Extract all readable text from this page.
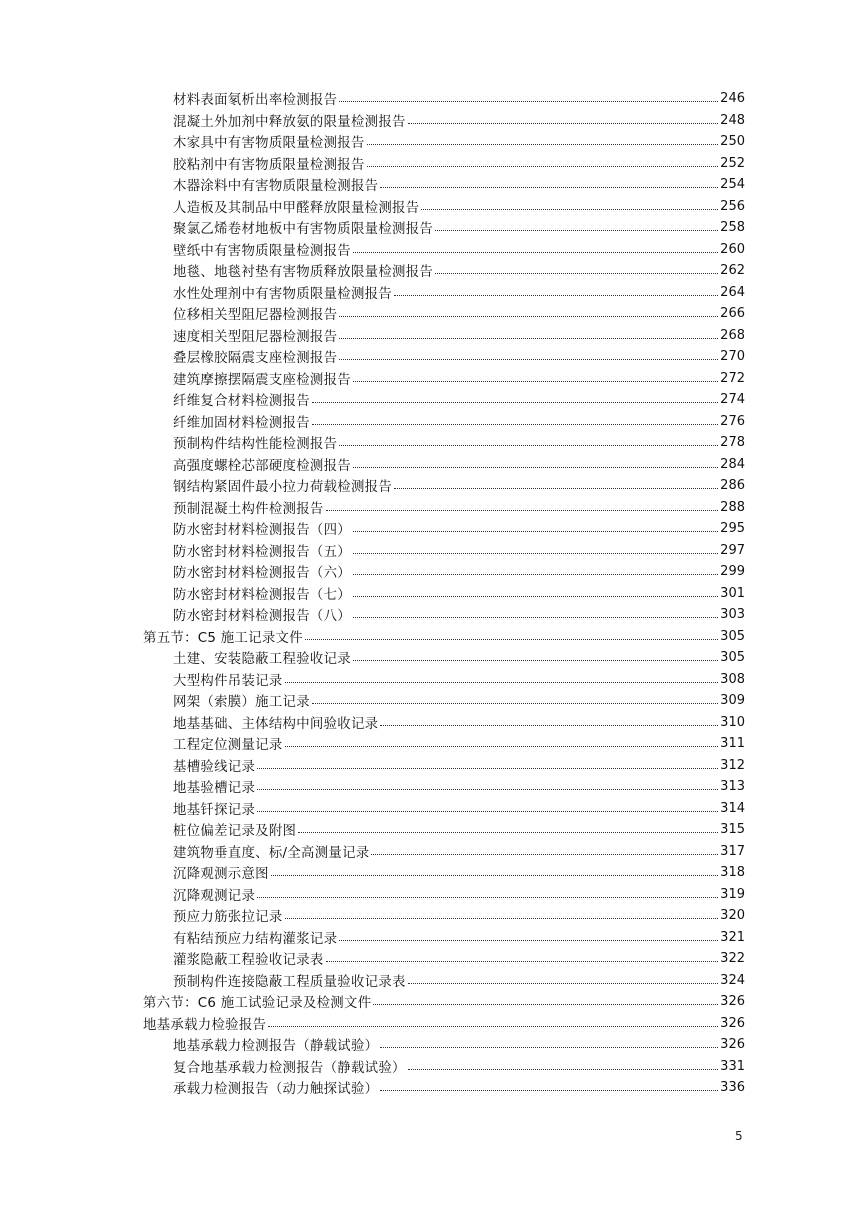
材料表面氡析出率检测报告	246
混凝土外加剂中释放氨的限量检测报告	248
木家具中有害物质限量检测报告	250
胶粘剂中有害物质限量检测报告	252
木器涂料中有害物质限量检测报告	254
人造板及其制品中甲醛释放限量检测报告	256
聚氯乙烯卷材地板中有害物质限量检测报告	258
壁纸中有害物质限量检测报告	260
地毯、地毯衬垫有害物质释放限量检测报告	262
水性处理剂中有害物质限量检测报告	264
位移相关型阻尼器检测报告	266
速度相关型阻尼器检测报告	268
叠层橡胶隔震支座检测报告	270
建筑摩擦摆隔震支座检测报告	272
纤维复合材料检测报告	274
纤维加固材料检测报告	276
预制构件结构性能检测报告	278
高强度螺栓芯部硬度检测报告	284
钢结构紧固件最小拉力荷载检测报告	286
预制混凝土构件检测报告	288
防水密封材料检测报告（四）	295
防水密封材料检测报告（五）	297
防水密封材料检测报告（六）	299
防水密封材料检测报告（七）	301
防水密封材料检测报告（八）	303
第五节：C5 施工记录文件	305
土建、安装隐蔽工程验收记录	305
大型构件吊装记录	308
网架（索膜）施工记录	309
地基基础、主体结构中间验收记录	310
工程定位测量记录	311
基槽验线记录	312
地基验槽记录	313
地基钎探记录	314
桩位偏差记录及附图	315
建筑物垂直度、标/全高测量记录	317
沉降观测示意图	318
沉降观测记录	319
预应力筋张拉记录	320
有粘结预应力结构灌浆记录	321
灌浆隐蔽工程验收记录表	322
预制构件连接隐蔽工程质量验收记录表	324
第六节：C6 施工试验记录及检测文件	326
地基承载力检验报告	326
地基承载力检测报告（静载试验）	326
复合地基承载力检测报告（静载试验）	331
承载力检测报告（动力触探试验）	336
5
